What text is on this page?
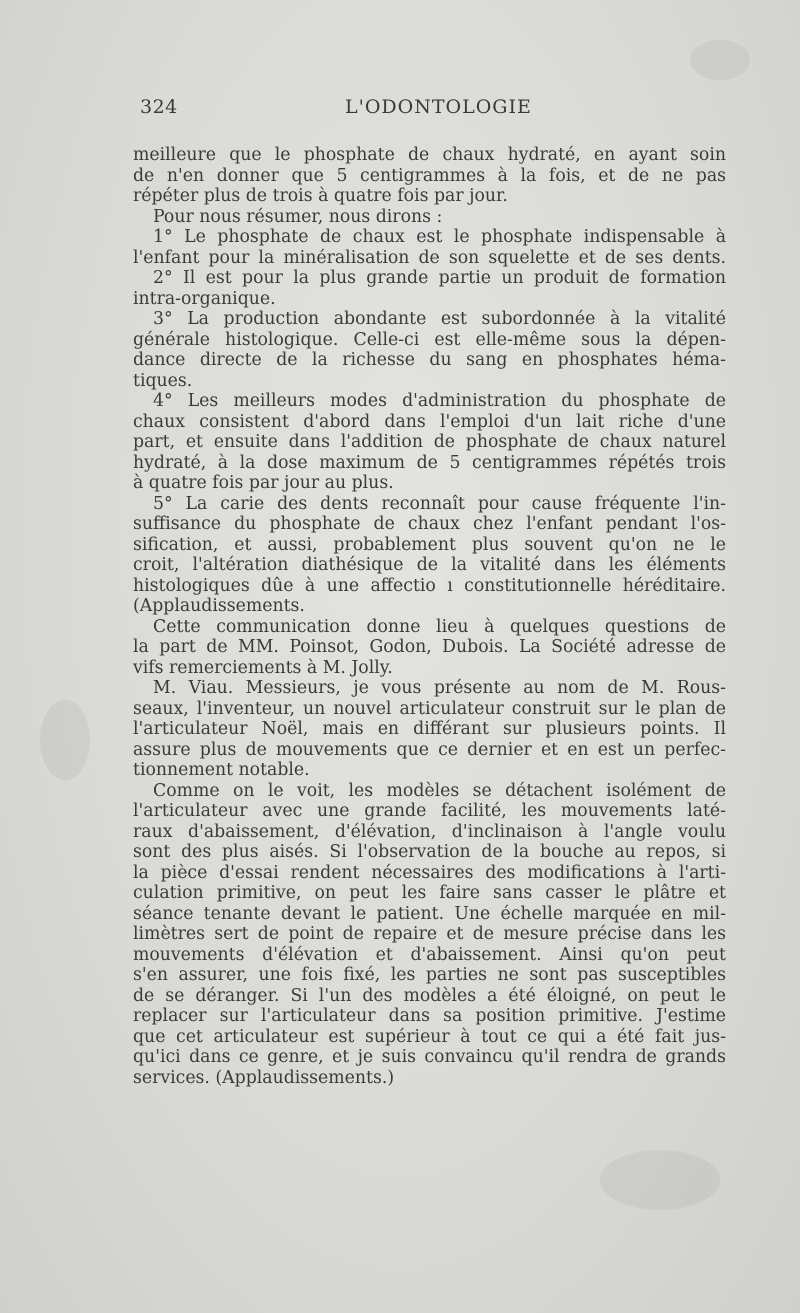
324	L'ODONTOLOGIE
meilleure que le phosphate de chaux hydraté, en ayant soin
de n'en donner que 5 centigrammes à la fois, et de ne pas
répéter plus de trois à quatre fois par jour.
Pour nous résumer, nous dirons :
1° Le phosphate de chaux est le phosphate indispensable à
l'enfant pour la minéralisation de son squelette et de ses dents.
2° Il est pour la plus grande partie un produit de formation
intra-organique.
3° La production abondante est subordonnée à la vitalité
générale histologique. Celle-ci est elle-même sous la dépen-
dance directe de la richesse du sang en phosphates héma-
tiques.
4° Les meilleurs modes d'administration du phosphate de
chaux consistent d'abord dans l'emploi d'un lait riche d'une
part, et ensuite dans l'addition de phosphate de chaux naturel
hydraté, à la dose maximum de 5 centigrammes répétés trois
à quatre fois par jour au plus.
5° La carie des dents reconnaît pour cause fréquente l'in-
suffisance du phosphate de chaux chez l'enfant pendant l'os-
sification, et aussi, probablement plus souvent qu'on ne le
croit, l'altération diathésique de la vitalité dans les éléments
histologiques dûe à une affectio ı constitutionnelle héréditaire.
(Applaudissements.
Cette communication donne lieu à quelques questions de
la part de MM. Poinsot, Godon, Dubois. La Société adresse de
vifs remerciements à M. Jolly.
M. Viau. Messieurs, je vous présente au nom de M. Rous-
seaux, l'inventeur, un nouvel articulateur construit sur le plan de
l'articulateur Noël, mais en différant sur plusieurs points. Il
assure plus de mouvements que ce dernier et en est un perfec-
tionnement notable.
Comme on le voit, les modèles se détachent isolément de
l'articulateur avec une grande facilité, les mouvements laté-
raux d'abaissement, d'élévation, d'inclinaison à l'angle voulu
sont des plus aisés. Si l'observation de la bouche au repos, si
la pièce d'essai rendent nécessaires des modifications à l'arti-
culation primitive, on peut les faire sans casser le plâtre et
séance tenante devant le patient. Une échelle marquée en mil-
limètres sert de point de repaire et de mesure précise dans les
mouvements d'élévation et d'abaissement. Ainsi qu'on peut
s'en assurer, une fois fixé, les parties ne sont pas susceptibles
de se déranger. Si l'un des modèles a été éloigné, on peut le
replacer sur l'articulateur dans sa position primitive. J'estime
que cet articulateur est supérieur à tout ce qui a été fait jus-
qu'ici dans ce genre, et je suis convaincu qu'il rendra de grands
services. (Applaudissements.)
